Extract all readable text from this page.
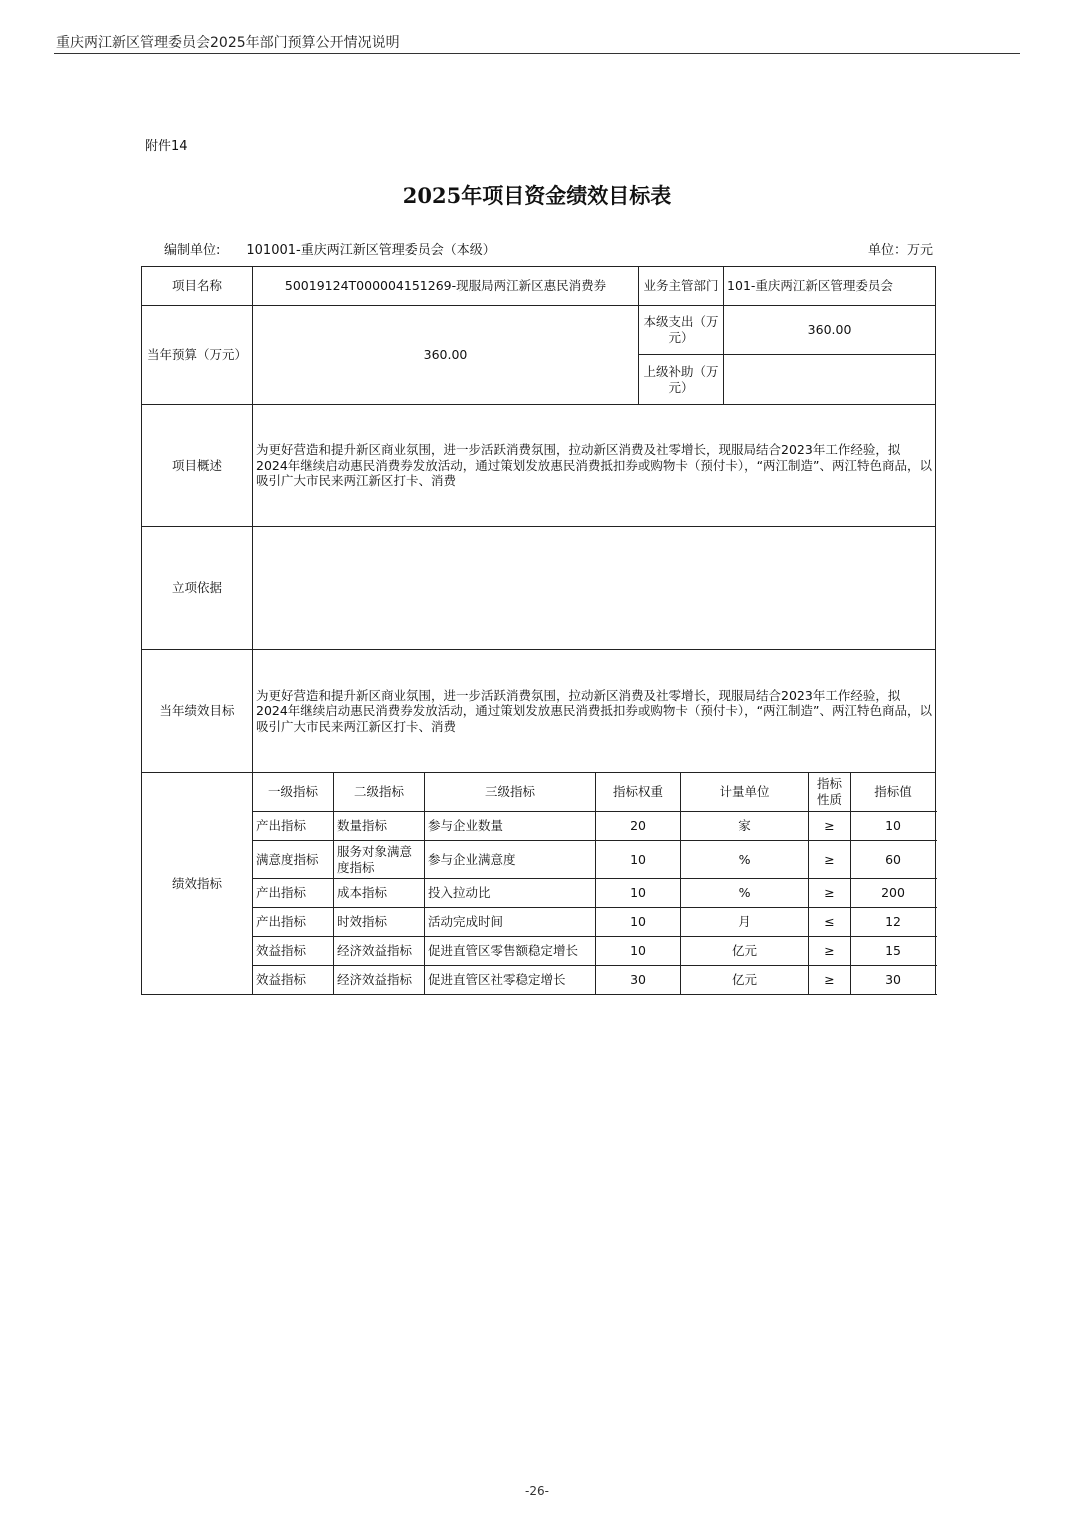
重庆两江新区管理委员会2025年部门预算公开情况说明
附件14
2025年项目资金绩效目标表
编制单位: 101001-重庆两江新区管理委员会（本级）	单位：万元
项目名称	50019124T000004151269-现服局两江新区惠民消费券				业务主管部门		101-重庆两江新区管理委员会		
当年预算（万元）	360.00				本级支出（万元）		360.00		
					上级补助（万元）				
项目概述	为更好营造和提升新区商业氛围，进一步活跃消费氛围，拉动新区消费及社零增长，现服局结合2023年工作经验，拟2024年继续启动惠民消费券发放活动，通过策划发放惠民消费抵扣券或购物卡（预付卡），“两江制造”、两江特色商品，以吸引广大市民来两江新区打卡、消费								
立项依据									
当年绩效目标	为更好营造和提升新区商业氛围，进一步活跃消费氛围，拉动新区消费及社零增长，现服局结合2023年工作经验，拟2024年继续启动惠民消费券发放活动，通过策划发放惠民消费抵扣券或购物卡（预付卡），“两江制造”、两江特色商品，以吸引广大市民来两江新区打卡、消费								
绩效指标	一级指标	二级指标	三级指标	指标权重		计量单位		指标性质	指标值
	产出指标	数量指标	参与企业数量	20		家		≥	10
	满意度指标	服务对象满意度指标	参与企业满意度	10		%		≥	60
	产出指标	成本指标	投入拉动比	10		%		≥	200
	产出指标	时效指标	活动完成时间	10		月		≤	12
	效益指标	经济效益指标	促进直管区零售额稳定增长	10		亿元		≥	15
	效益指标	经济效益指标	促进直管区社零稳定增长	30		亿元		≥	30
-26-
